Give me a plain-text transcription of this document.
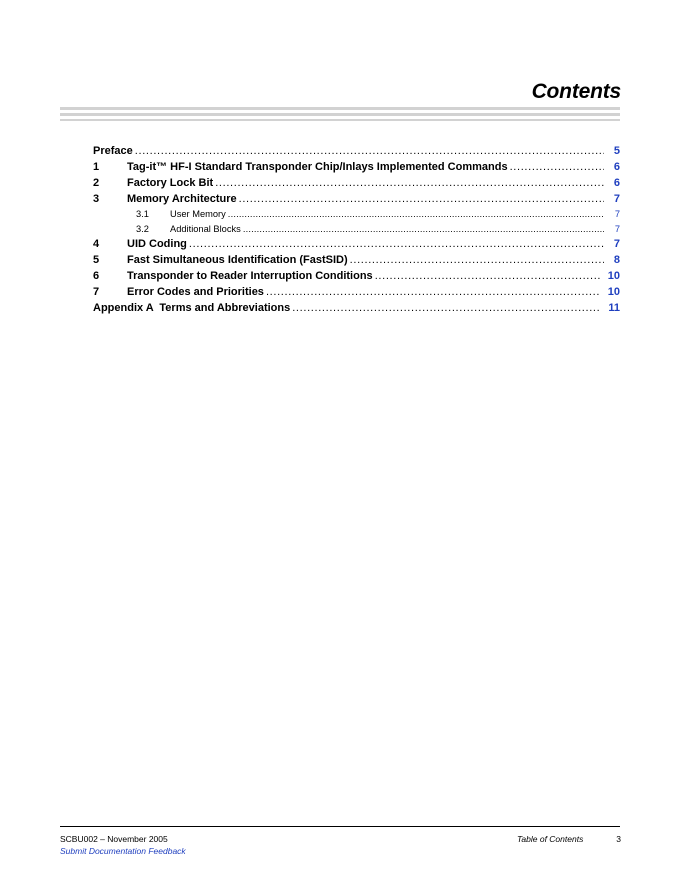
Contents
Preface . . .	5
1	Tag-it™ HF-I Standard Transponder Chip/Inlays Implemented Commands . . .	6
2	Factory Lock Bit . . .	6
3	Memory Architecture . . .	7
3.1	User Memory . . .	7
3.2	Additional Blocks . . .	7
4	UID Coding . . .	7
5	Fast Simultaneous Identification (FastSID) . . .	8
6	Transponder to Reader Interruption Conditions . . .	10
7	Error Codes and Priorities . . .	10
Appendix A  Terms and Abbreviations . . .	11
SCBU002 – November 2005
Submit Documentation Feedback
Table of Contents	3
